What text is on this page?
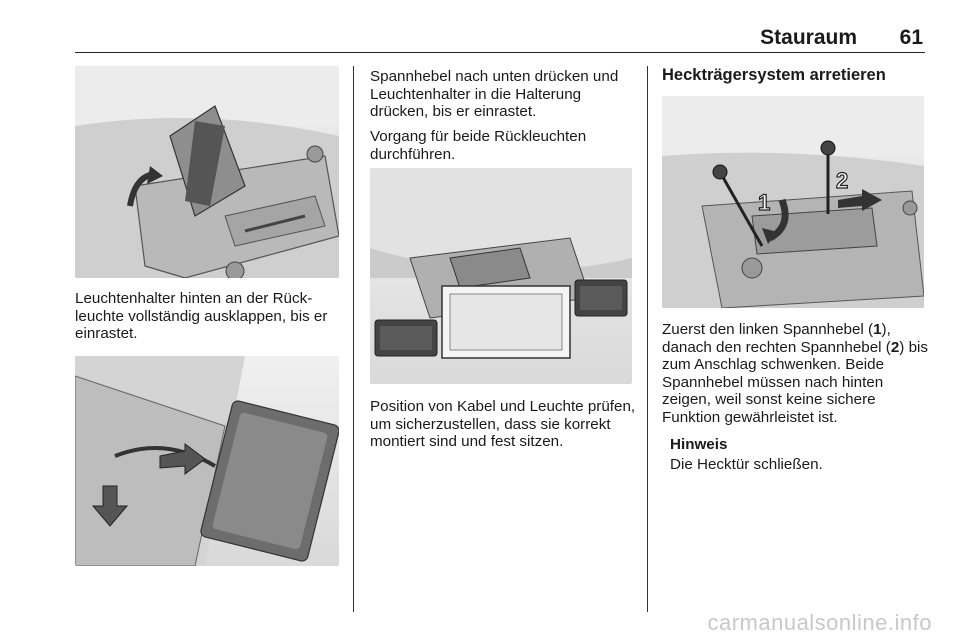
Stauraum 61
Leuchtenhalter hinten an der Rück-leuchte vollständig ausklappen, bis er einrastet.
Spannhebel nach unten drücken und Leuchtenhalter in die Halterung drücken, bis er einrastet.
Vorgang für beide Rückleuchten durchführen.
Position von Kabel und Leuchte prüfen, um sicherzustellen, dass sie korrekt montiert sind und fest sitzen.
Heckträgersystem arretieren
1
2
Zuerst den linken Spannhebel (1), danach den rechten Spannhebel (2) bis zum Anschlag schwenken. Beide Spannhebel müssen nach hinten zeigen, weil sonst keine sichere Funktion gewährleistet ist.
Hinweis
Die Hecktür schließen.
carmanualsonline.info
